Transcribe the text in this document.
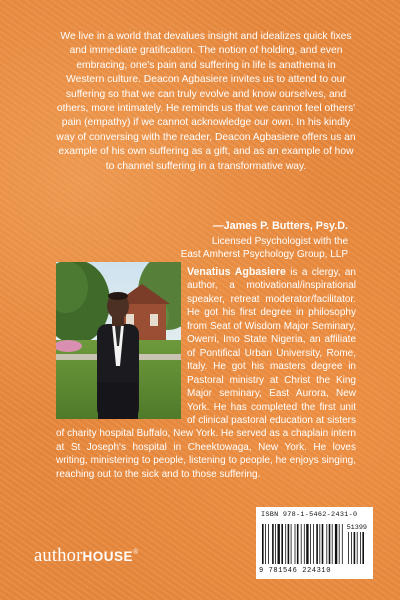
We live in a world that devalues insight and idealizes quick fixes and immediate gratification. The notion of holding, and even embracing, one's pain and suffering in life is anathema in Western culture. Deacon Agbasiere invites us to attend to our suffering so that we can truly evolve and know ourselves, and others, more intimately. He reminds us that we cannot feel others' pain (empathy) if we cannot acknowledge our own. In his kindly way of conversing with the reader, Deacon Agbasiere offers us an example of his own suffering as a gift, and as an example of how to channel suffering in a transformative way.

—James P. Butters, Psy.D.
Licensed Psychologist with the
East Amherst Psychology Group, LLP
Venatius Agbasiere is a clergy, an author, a motivational/inspirational speaker, retreat moderator/facilitator. He got his first degree in philosophy from Seat of Wisdom Major Seminary, Owerri, Imo State Nigeria, an affiliate of Pontifical Urban University, Rome, Italy. He got his masters degree in Pastoral ministry at Christ the King Major seminary, East Aurora, New York. He has completed the first unit of clinical pastoral education at sisters of charity hospital Buffalo, New York. He served as a chaplain intern at St Joseph's hospital in Cheektowaga, New York. He loves writing, ministering to people, listening to people, he enjoys singing, reaching out to the sick and to those suffering.
authorHOUSE®
ISBN 978-1-5462-2431-0
51399
9 781546 224310
